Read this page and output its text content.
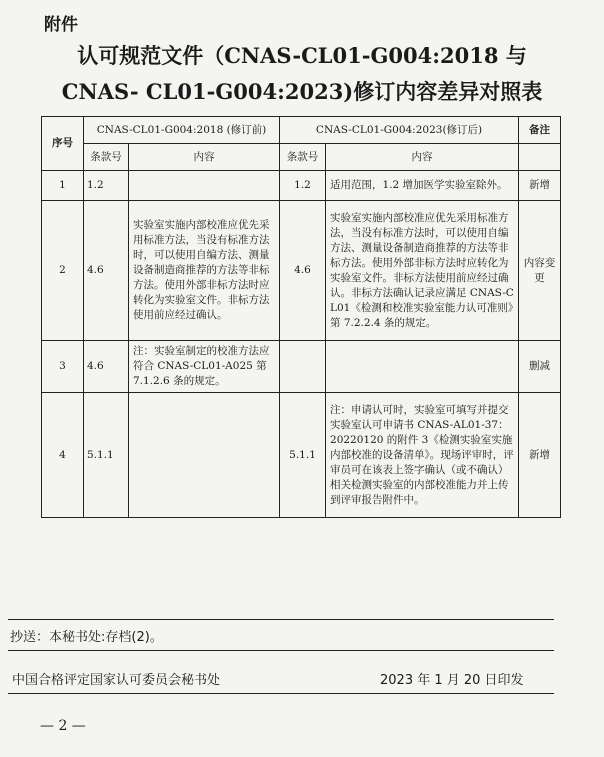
附件
认可规范文件（CNAS-CL01-G004:2018 与
CNAS- CL01-G004:2023)修订内容差异对照表
序号	CNAS-CL01-G004:2018 (修订前)		CNAS-CL01-G004:2023(修订后)		备注
	条款号	内容	条款号	内容	
1	1.2		1.2	适用范围，1.2 增加医学实验室除外。	新增
2	4.6	实验室实施内部校准应优先采用标准方法，当没有标准方法时，可以使用自编方法、测量设备制造商推荐的方法等非标方法。使用外部非标方法时应转化为实验室文件。非标方法使用前应经过确认。	4.6	实验室实施内部校准应优先采用标准方法，当没有标准方法时，可以使用自编方法、测量设备制造商推荐的方法等非标方法。使用外部非标方法时应转化为实验室文件。非标方法使用前应经过确认。非标方法确认记录应满足 CNAS-CL01《检测和校准实验室能力认可准则》第 7.2.2.4 条的规定。	内容变更
3	4.6	注：实验室制定的校准方法应符合 CNAS-CL01-A025 第 7.1.2.6 条的规定。			删减
4	5.1.1		5.1.1	注：申请认可时，实验室可填写并提交实验室认可申请书 CNAS-AL01-37：20220120 的附件 3《检测实验室实施内部校准的设备清单》。现场评审时，评审员可在该表上签字确认（或不确认）相关检测实验室的内部校准能力并上传到评审报告附件中。	新增
抄送：本秘书处:存档(2)。
中国合格评定国家认可委员会秘书处	2023 年 1 月 20 日印发
— 2 —
